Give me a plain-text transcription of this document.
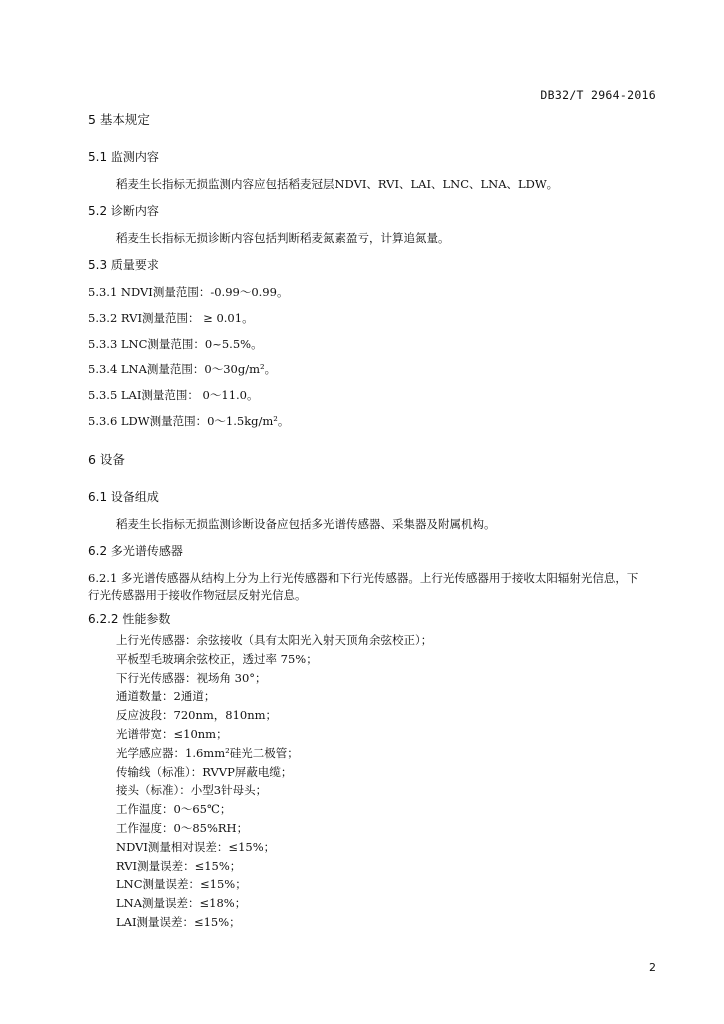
DB32/T 2964-2016
5 基本规定
5.1 监测内容
稻麦生长指标无损监测内容应包括稻麦冠层NDVI、RVI、LAI、LNC、LNA、LDW。
5.2 诊断内容
稻麦生长指标无损诊断内容包括判断稻麦氮素盈亏，计算追氮量。
5.3 质量要求
5.3.1 NDVI测量范围：-0.99～0.99。
5.3.2 RVI测量范围： ≥ 0.01。
5.3.3 LNC测量范围：0~5.5%。
5.3.4 LNA测量范围：0～30g/m²。
5.3.5 LAI测量范围： 0～11.0。
5.3.6 LDW测量范围：0～1.5kg/m²。
6 设备
6.1 设备组成
稻麦生长指标无损监测诊断设备应包括多光谱传感器、采集器及附属机构。
6.2 多光谱传感器
6.2.1 多光谱传感器从结构上分为上行光传感器和下行光传感器。上行光传感器用于接收太阳辐射光信息，下行光传感器用于接收作物冠层反射光信息。
6.2.2 性能参数
上行光传感器：余弦接收（具有太阳光入射天顶角余弦校正）；
平板型毛玻璃余弦校正，透过率 75%；
下行光传感器：视场角 30°；
通道数量：2通道；
反应波段：720nm，810nm；
光谱带宽：≤10nm；
光学感应器：1.6mm²硅光二极管；
传输线（标准）：RVVP屏蔽电缆；
接头（标准）：小型3针母头；
工作温度：0～65℃；
工作湿度：0～85%RH；
NDVI测量相对误差：≤15%；
RVI测量误差：≤15%；
LNC测量误差：≤15%；
LNA测量误差：≤18%；
LAI测量误差：≤15%；
2
